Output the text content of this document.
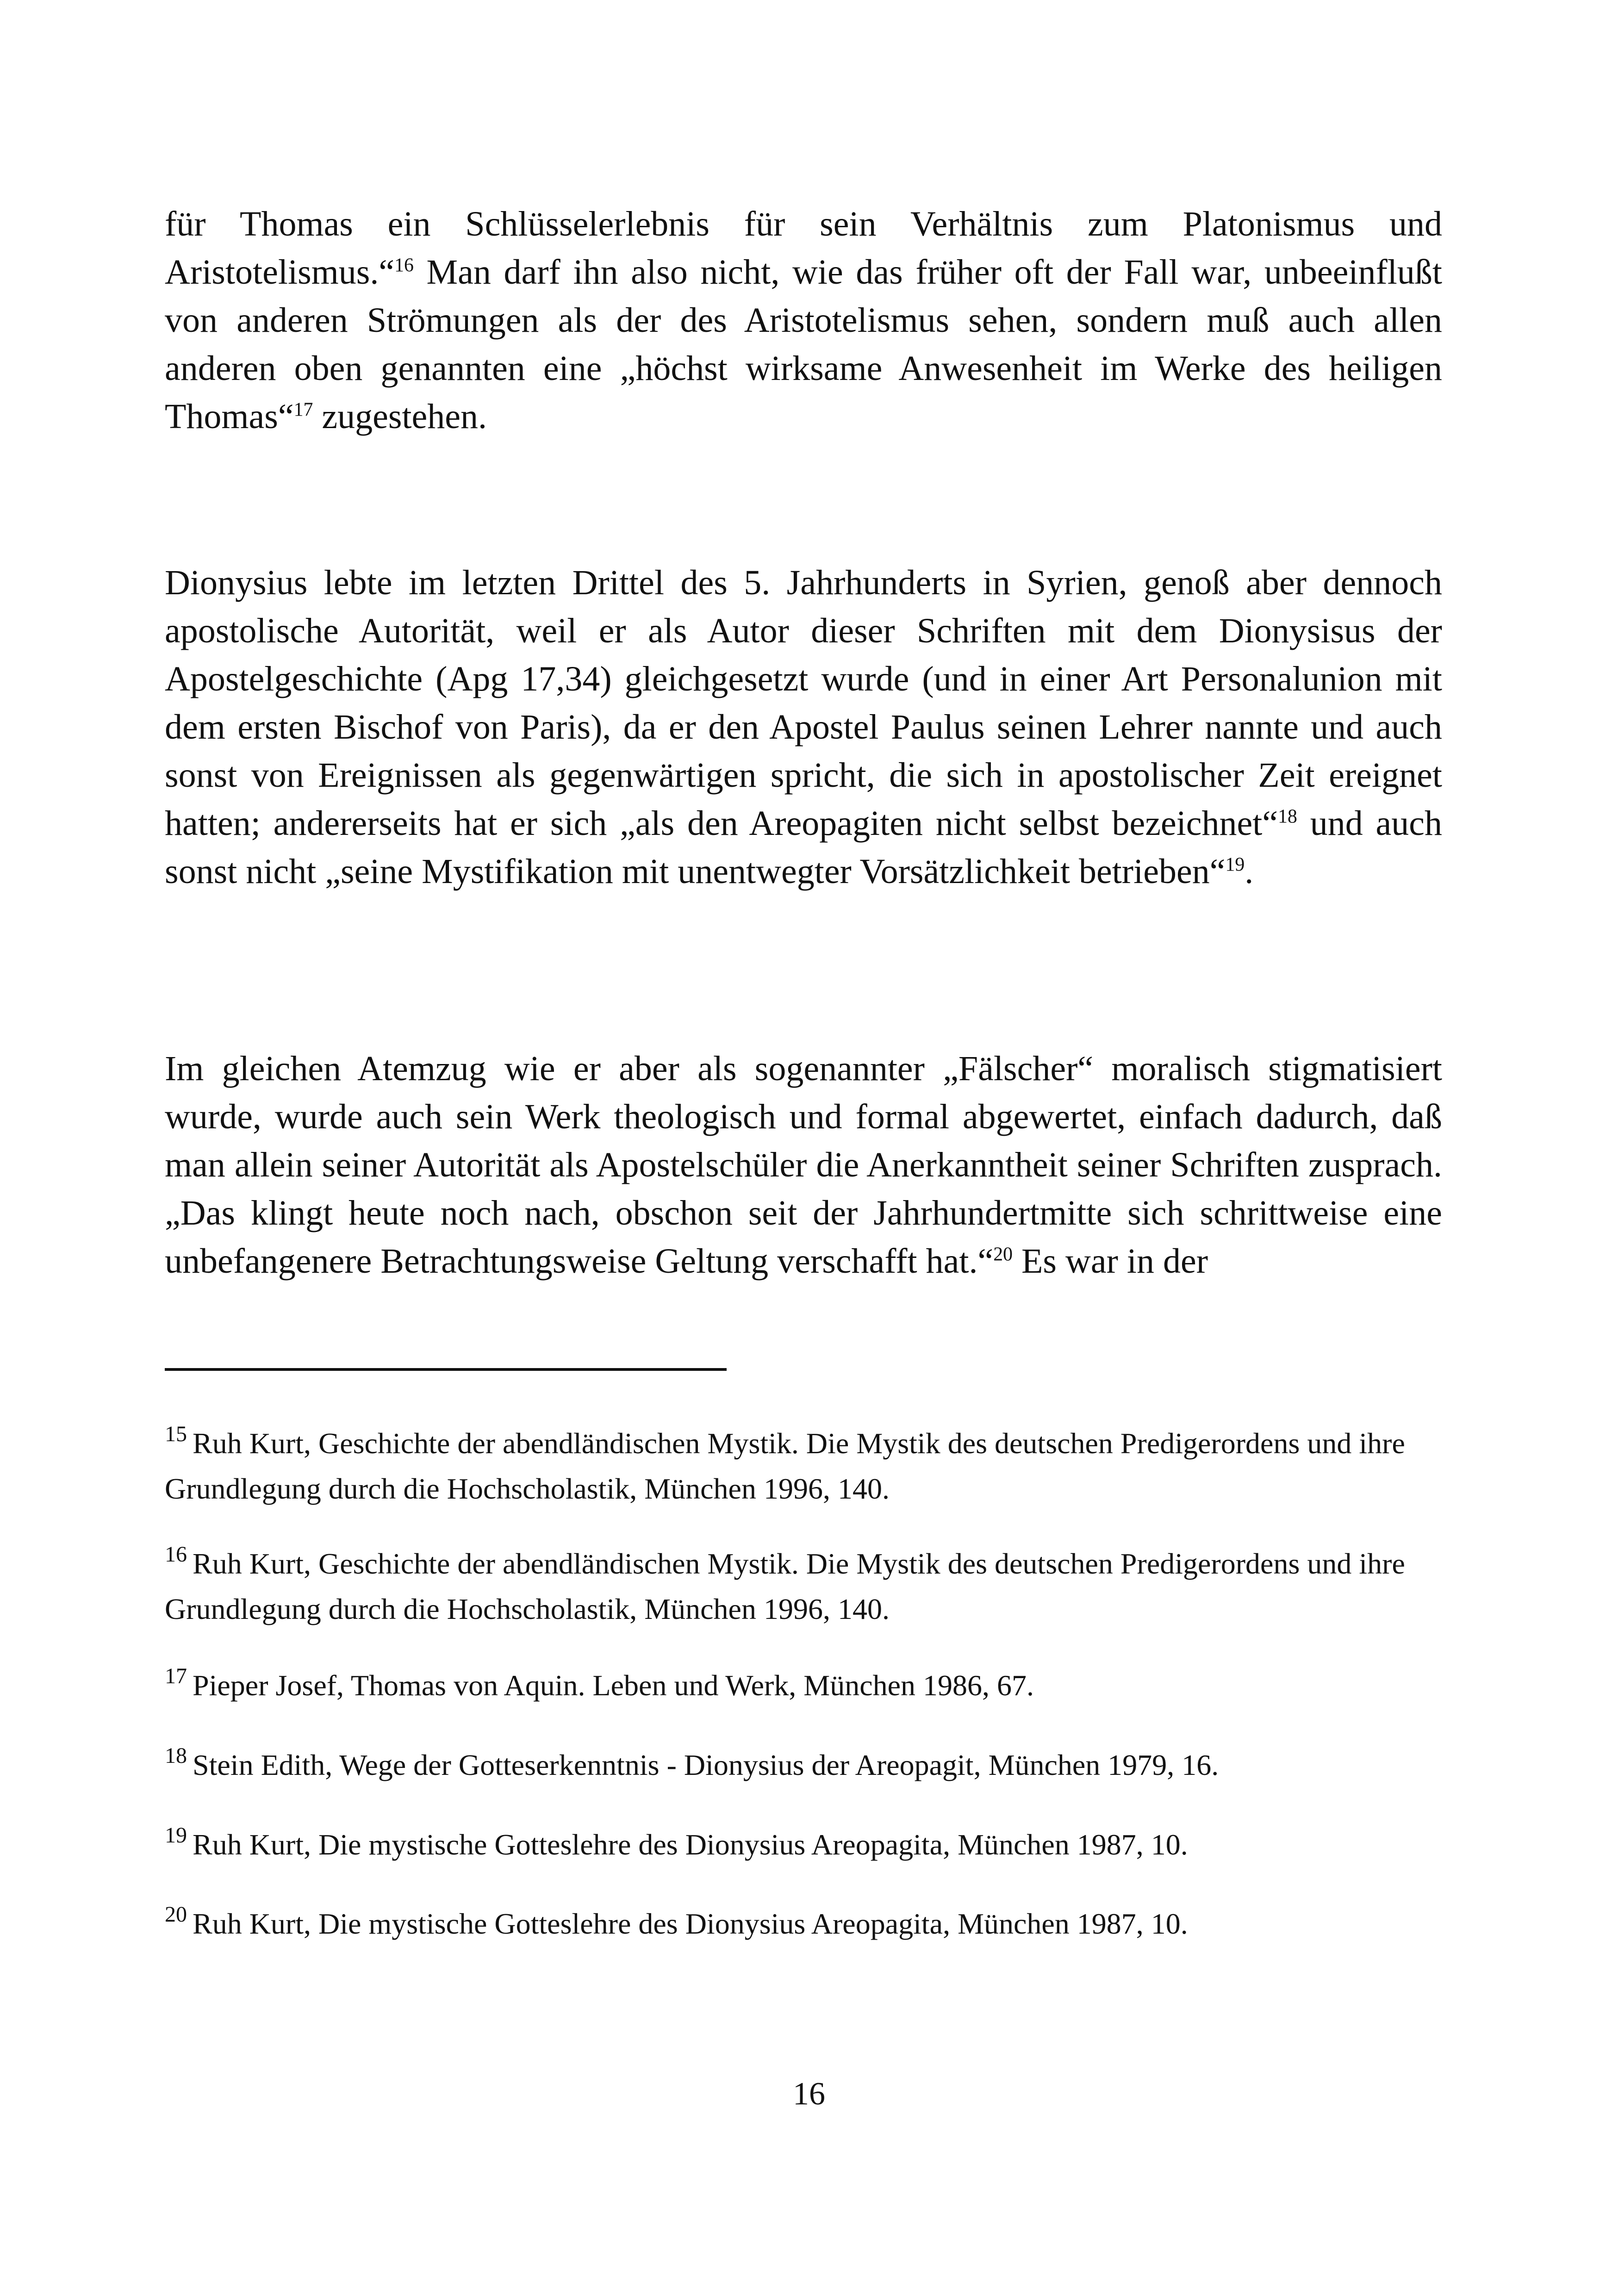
für Thomas ein Schlüsselerlebnis für sein Verhältnis zum Platonismus und Aristotelismus.“$^{16}$ Man darf ihn also nicht, wie das früher oft der Fall war, unbeeinflußt von anderen Strömungen als der des Aristotelismus sehen, sondern muß auch allen anderen oben genannten eine „höchst wirksame Anwesenheit im Werke des heiligen Thomas“$^{17}$ zugestehen.

Dionysius lebte im letzten Drittel des 5. Jahrhunderts in Syrien, genoß aber dennoch apostolische Autorität, weil er als Autor dieser Schriften mit dem Dionysisus der Apostelgeschichte (Apg 17,34) gleichgesetzt wurde (und in einer Art Personalunion mit dem ersten Bischof von Paris), da er den Apostel Paulus seinen Lehrer nannte und auch sonst von Ereignissen als gegenwärtigen spricht, die sich in apostolischer Zeit ereignet hatten; andererseits hat er sich „als den Areopagiten nicht selbst bezeichnet“$^{18}$ und auch sonst nicht „seine Mystifikation mit unentwegter Vorsätzlichkeit betrieben“$^{19}$.

Im gleichen Atemzug wie er aber als sogenannter „Fälscher“ moralisch stigmatisiert wurde, wurde auch sein Werk theologisch und formal abgewertet, einfach dadurch, daß man allein seiner Autorität als Apostelschüler die Anerkanntheit seiner Schriften zusprach. „Das klingt heute noch nach, obschon seit der Jahrhundertmitte sich schrittweise eine unbefangenere Betrachtungsweise Geltung verschafft hat.“$^{20}$ Es war in der

$^{15}$ Ruh Kurt, Geschichte der abendländischen Mystik. Die Mystik des deutschen Predigerordens und ihre Grundlegung durch die Hochscholastik, München 1996, 140.

$^{16}$ Ruh Kurt, Geschichte der abendländischen Mystik. Die Mystik des deutschen Predigerordens und ihre    Grundlegung durch die Hochscholastik, München 1996, 140.

$^{17}$ Pieper Josef, Thomas von Aquin. Leben und Werk, München 1986, 67.

$^{18}$ Stein Edith, Wege der Gotteserkenntnis - Dionysius der Areopagit, München 1979, 16.

$^{19}$ Ruh Kurt, Die mystische Gotteslehre des Dionysius Areopagita, München 1987, 10.

$^{20}$ Ruh Kurt, Die mystische Gotteslehre des Dionysius Areopagita, München 1987, 10.

16
